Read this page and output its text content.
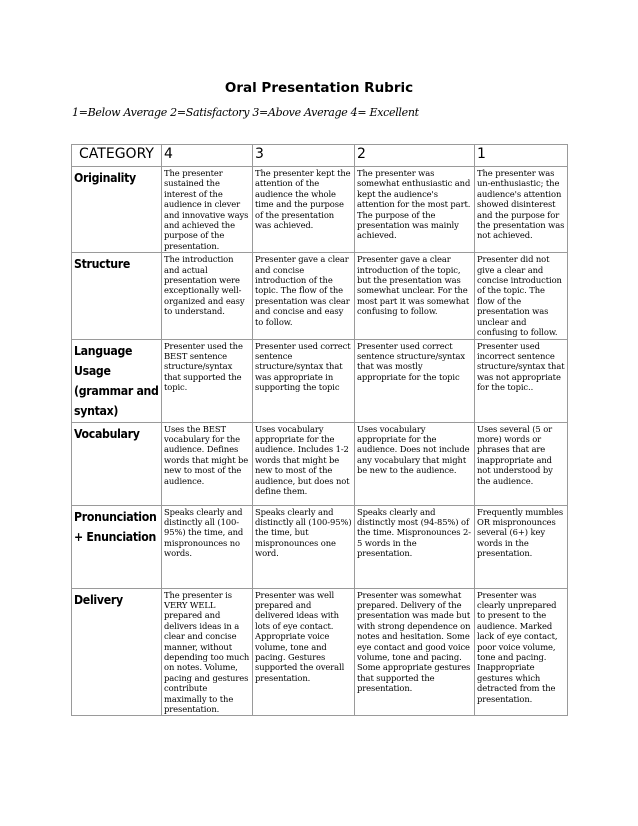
Oral Presentation Rubric
1=Below Average 2=Satisfactory 3=Above Average 4= Excellent
CATEGORY	4	3	2	1
Originality	The presenter sustained the interest of the audience in clever and innovative ways and achieved the purpose of the presentation.	The presenter kept the attention of the audience the whole time and the purpose of the presentation was achieved.	The presenter was somewhat enthusiastic and kept the audience's attention for the most part. The purpose of the presentation was mainly achieved.	The presenter was un-enthusiastic; the audience's attention showed disinterest and the purpose for the presentation was not achieved.
Structure	The introduction and actual presentation were exceptionally well- organized and easy to understand.	Presenter gave a clear and concise introduction of the topic. The flow of the presentation was clear and concise and easy to follow.	Presenter gave a clear introduction of the topic, but the presentation was somewhat unclear. For the most part it was somewhat confusing to follow.	Presenter did not give a clear and concise introduction of the topic. The flow of the presentation was unclear and confusing to follow.
Language Usage (grammar and syntax)	Presenter used the BEST sentence structure/syntax that supported the topic.	Presenter used correct sentence structure/syntax that was appropriate in supporting the topic	Presenter used correct sentence structure/syntax that was mostly appropriate for the topic	Presenter used incorrect sentence structure/syntax that was not appropriate for the topic..
Vocabulary	Uses the BEST vocabulary for the audience. Defines words that might be new to most of the audience.	Uses vocabulary appropriate for the audience. Includes 1-2 words that might be new to most of the audience, but does not define them.	Uses vocabulary appropriate for the audience. Does not include any vocabulary that might be new to the audience.	Uses several (5 or more) words or phrases that are inappropriate and not understood by the audience.
Pronunciation + Enunciation	Speaks clearly and distinctly all (100-95%) the time, and mispronounces no words.	Speaks clearly and distinctly all (100-95%) the time, but mispronounces one word.	Speaks clearly and distinctly most (94-85%) of the time. Mispronounces 2-5 words in the presentation.	Frequently mumbles OR mispronounces several (6+) key words in the presentation.
Delivery	The presenter is VERY WELL prepared and delivers ideas in a clear and concise manner, without depending too much on notes. Volume, pacing and gestures contribute maximally to the presentation.	Presenter was well prepared and delivered ideas with lots of eye contact. Appropriate voice volume, tone and pacing. Gestures supported the overall presentation.	Presenter was somewhat prepared. Delivery of the presentation was made but with strong dependence on notes and hesitation. Some eye contact and good voice volume, tone and pacing. Some appropriate gestures that supported the presentation.	Presenter was clearly unprepared to present to the audience. Marked lack of eye contact, poor voice volume, tone and pacing. Inappropriate gestures which detracted from the presentation.
